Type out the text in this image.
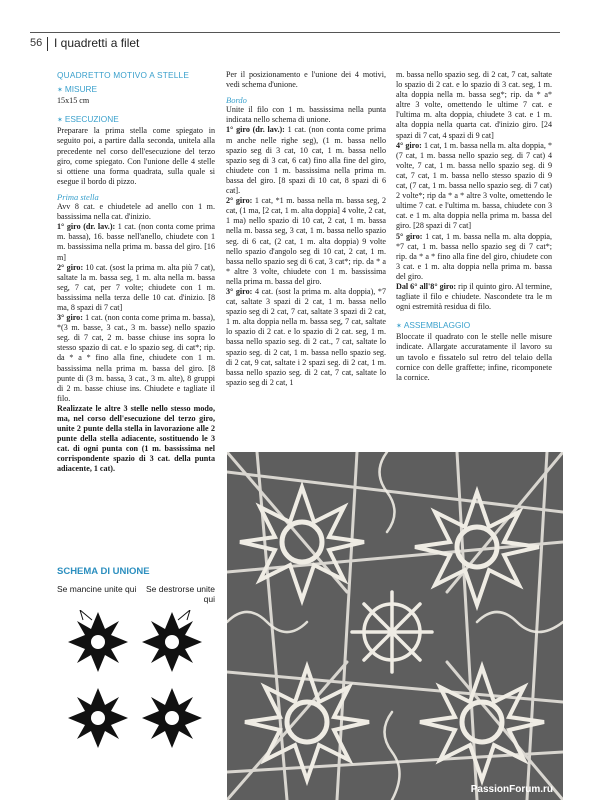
56 I quadretti a filet
QUADRETTO MOTIVO A STELLE
✶ MISURE

15x15 cm

✶ ESECUZIONE

Preparare la prima stella come spiegato in seguito poi, a partire dalla seconda, unitela alla precedente nel corso dell'esecuzione del terzo giro, come spiegato. Con l'unione delle 4 stelle si ottiene una forma quadrata, sulla quale si esegue il bordo di pizzo.

Prima stella

Avv 8 cat. e chiudetele ad anello con 1 m. bassissima nella cat. d'inizio.

1° giro (dr. lav.): 1 cat. (non conta come prima m. bassa), 16. basse nell'anello, chiudete con 1 m. bassissima nella prima m. bassa del giro. [16 m]

2° giro: 10 cat. (sost la prima m. alta più 7 cat), saltate la m. bassa seg, 1 m. alta nella m. bassa seg, 7 cat, per 7 volte; chiudete con 1 m. bassissima nella terza delle 10 cat. d'inizio. [8 ma, 8 spazi di 7 cat]

3° giro: 1 cat. (non conta come prima m. bassa), *(3 m. basse, 3 cat., 3 m. basse) nello spazio seg. di 7 cat, 2 m. basse chiuse ins sopra lo stesso spazio di cat. e lo spazio seg. di cat*; rip. da * a * fino alla fine, chiudete con 1 m. bassissima nella prima m. bassa del giro. [8 punte di (3 m. bassa, 3 cat., 3 m. alte), 8 gruppi di 2 m. basse chiuse ins. Chiudete e tagliate il filo.

Realizzate le altre 3 stelle nello stesso modo, ma, nel corso dell'esecuzione del terzo giro, unite 2 punte della stella in lavorazione alle 2 punte della stella adiacente, sostituendo le 3 cat. di ogni punta con (1 m. bassissima nel corrispondente spazio di 3 cat. della punta adiacente, 1 cat).

Per il posizionamento e l'unione dei 4 motivi, vedi schema d'unione.

Bordo

Unite il filo con 1 m. bassissima nella punta indicata nello schema di unione.

1° giro (dr. lav.): 1 cat. (non conta come prima m anche nelle righe seg), (1 m. bassa nello spazio seg di 3 cat, 10 cat, 1 m. bassa nello spazio seg di 3 cat, 6 cat) fino alla fine del giro, chiudete con 1 m. bassissima nella prima m. bassa del giro. [8 spazi di 10 cat, 8 spazi di 6 cat].

2° giro: 1 cat, *1 m. bassa nella m. bassa seg, 2 cat, (1 ma, [2 cat, 1 m. alta doppia] 4 volte, 2 cat, 1 ma) nello spazio di 10 cat, 2 cat, 1 m. bassa nella m. bassa seg, 3 cat, 1 m. bassa nello spazio seg. di 6 cat, (2 cat, 1 m. alta doppia) 9 volte nello spazio d'angolo seg di 10 cat, 2 cat, 1 m. bassa nello spazio seg di 6 cat, 3 cat*; rip. da * a * altre 3 volte, chiudete con 1 m. bassissima nella prima m. bassa del giro.

3° giro: 4 cat. (sost la prima m. alta doppia), *7 cat, saltate 3 spazi di 2 cat, 1 m. bassa nello spazio seg di 2 cat, 7 cat, saltate 3 spazi di 2 cat, 1 m. alta doppia nella m. bassa seg, 7 cat, saltate lo spazio di 2 cat. e lo spazio di 2 cat. seg, 1 m. bassa nello spazio seg. di 2 cat., 7 cat, saltate lo spazio seg. di 2 cat, 1 m. bassa nello spazio seg. di 2 cat, 9 cat, saltate i 2 spazi seg. di 2 cat, 1 m. bassa nello spazio seg. di 2 cat, 7 cat, saltate lo spazio seg di 2 cat, 1

m. bassa nello spazio seg. di 2 cat, 7 cat, saltate lo spazio di 2 cat. e lo spazio di 3 cat. seg, 1 m. alta doppia nella m. bassa seg*; rip. da * a* altre 3 volte, omettendo le ultime 7 cat. e l'ultima m. alta doppia, chiudete 3 cat. e 1 m. alta doppia nella quarta cat. d'inizio giro. [24 spazi di 7 cat, 4 spazi di 9 cat]

4° giro: 1 cat, 1 m. bassa nella m. alta doppia, *(7 cat, 1 m. bassa nello spazio seg. di 7 cat) 4 volte, 7 cat, 1 m. bassa nello spazio seg. di 9 cat, 7 cat, 1 m. bassa nello stesso spazio di 9 cat, (7 cat, 1 m. bassa nello spazio seg. di 7 cat) 2 volte*; rip da * a * altre 3 volte, omettendo le ultime 7 cat. e l'ultima m. bassa, chiudete con 3 cat. e 1 m. alta doppia nella prima m. bassa del giro. [28 spazi di 7 cat]

5° giro: 1 cat, 1 m. bassa nella m. alta doppia, *7 cat, 1 m. bassa nello spazio seg di 7 cat*; rip. da * a * fino alla fine del giro, chiudete con 3 cat. e 1 m. alta doppia nella prima m. bassa del giro.

Dal 6° all'8° giro: rip il quinto giro. Al termine, tagliate il filo e chiudete. Nascondete tra le m ogni estremità residua di filo.

✶ ASSEMBLAGGIO

Bloccate il quadrato con le stelle nelle misure indicate. Allargate accuratamente il lavoro su un tavolo e fissatelo sul retro del telaio della cornice con delle graffette; infine, ricomponete la cornice.

SCHEMA DI UNIONE
Se mancine unite qui	Se destrorse unite qui
PassionForum.ru
